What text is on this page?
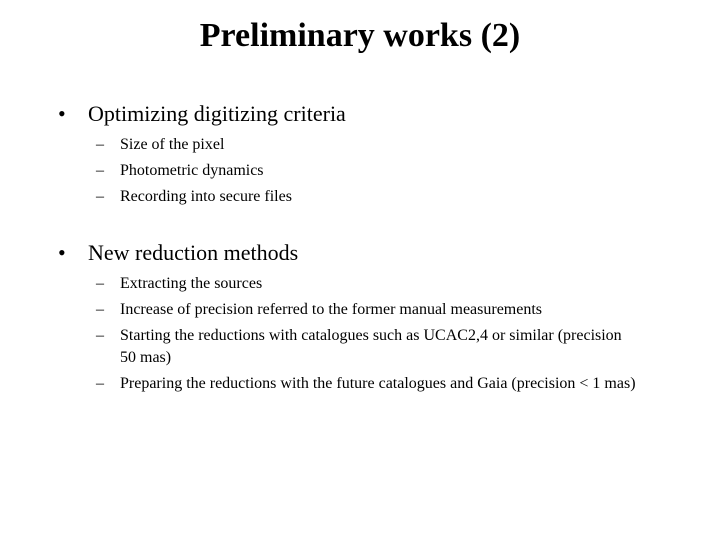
Preliminary works (2)
•	Optimizing digitizing criteria
–	Size of the pixel
–	Photometric dynamics
–	Recording into secure files
•	New reduction methods
–	Extracting the sources
–	Increase of precision referred to the former manual measurements
–	Starting the reductions with catalogues such as UCAC2,4 or similar (precision 50 mas)
–	Preparing the reductions with the future catalogues and Gaia (precision < 1 mas)
